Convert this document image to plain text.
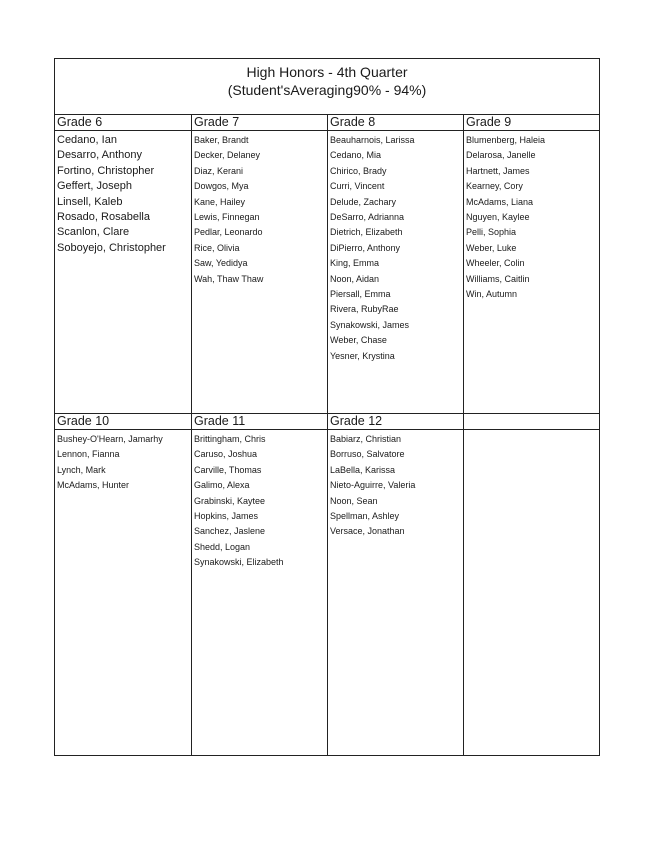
High Honors - 4th Quarter
(Student'sAveraging90% - 94%)
Grade 6
Cedano, Ian
Desarro, Anthony
Fortino, Christopher
Geffert, Joseph
Linsell, Kaleb
Rosado, Rosabella
Scanlon, Clare
Soboyejo, Christopher
Grade 7
Baker, Brandt
Decker, Delaney
Diaz, Kerani
Dowgos, Mya
Kane, Hailey
Lewis, Finnegan
Pedlar, Leonardo
Rice, Olivia
Saw, Yedidya
Wah, Thaw Thaw
Grade 8
Beauharnois, Larissa
Cedano, Mia
Chirico, Brady
Curri, Vincent
Delude, Zachary
DeSarro, Adrianna
Dietrich, Elizabeth
DiPierro, Anthony
King, Emma
Noon, Aidan
Piersall, Emma
Rivera, RubyRae
Synakowski, James
Weber, Chase
Yesner, Krystina
Grade 9
Blumenberg, Haleia
Delarosa, Janelle
Hartnett, James
Kearney, Cory
McAdams, Liana
Nguyen, Kaylee
Pelli, Sophia
Weber, Luke
Wheeler, Colin
Williams, Caitlin
Win, Autumn
Grade 10
Bushey-O'Hearn, Jamarhy
Lennon, Fianna
Lynch, Mark
McAdams, Hunter
Grade 11
Brittingham, Chris
Caruso, Joshua
Carville, Thomas
Galimo, Alexa
Grabinski, Kaytee
Hopkins, James
Sanchez, Jaslene
Shedd, Logan
Synakowski, Elizabeth
Grade 12
Babiarz, Christian
Borruso, Salvatore
LaBella, Karissa
Nieto-Aguirre, Valeria
Noon, Sean
Spellman, Ashley
Versace, Jonathan
